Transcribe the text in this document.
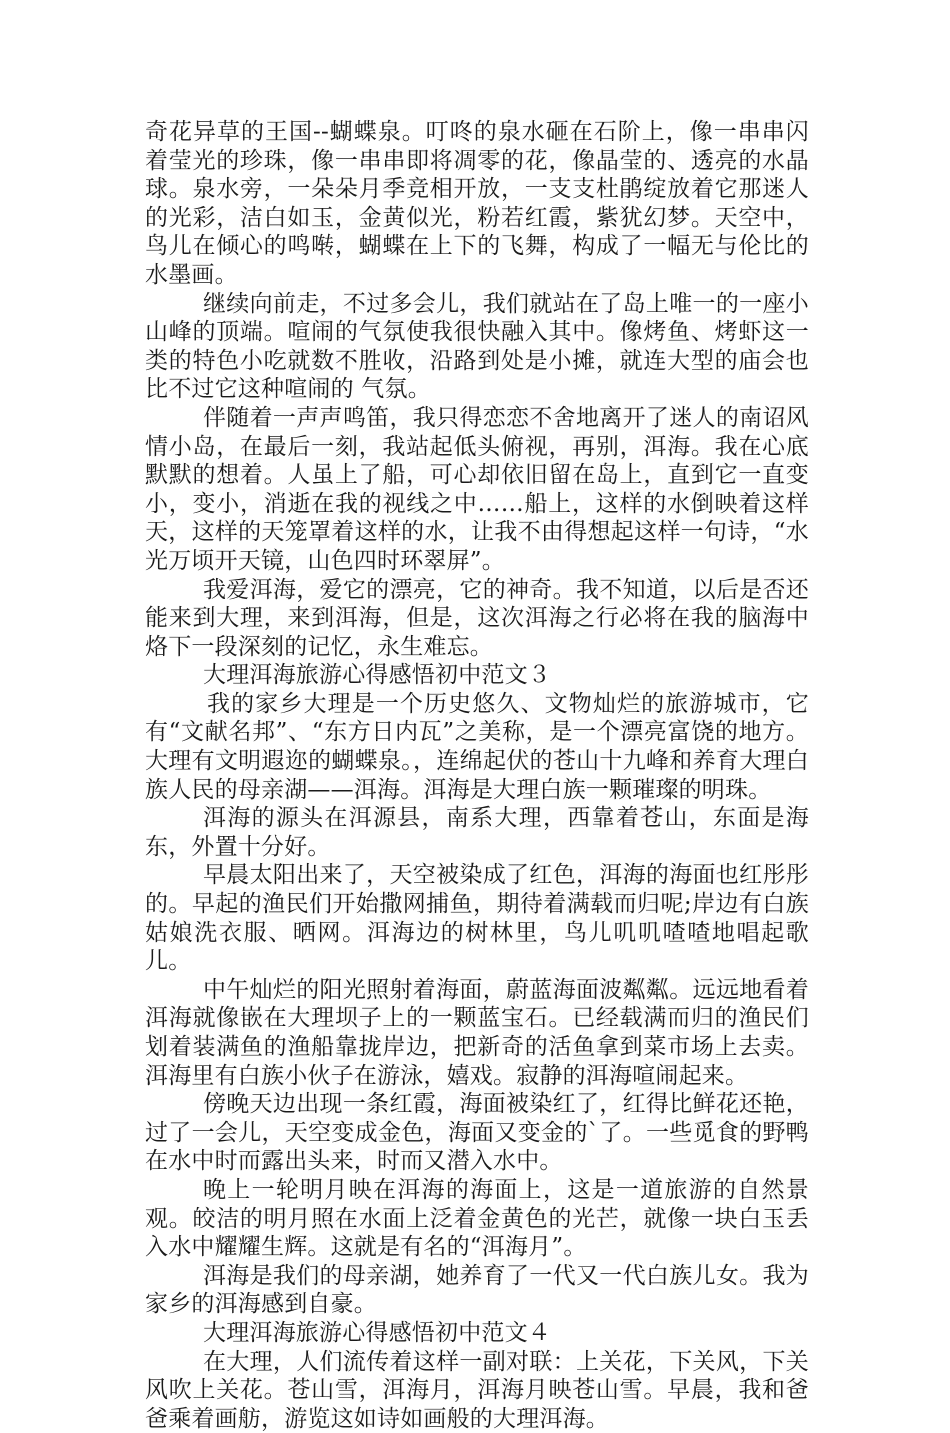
奇花异草的王国--蝴蝶泉。叮咚的泉水砸在石阶上，像一串串闪着莹光的珍珠，像一串串即将凋零的花，像晶莹的、透亮的水晶球。泉水旁，一朵朵月季竞相开放，一支支杜鹃绽放着它那迷人的光彩，洁白如玉，金黄似光，粉若红霞，紫犹幻梦。天空中，鸟儿在倾心的鸣啭，蝴蝶在上下的飞舞，构成了一幅无与伦比的水墨画。

继续向前走，不过多会儿，我们就站在了岛上唯一的一座小山峰的顶端。喧闹的气氛使我很快融入其中。像烤鱼、烤虾这一类的特色小吃就数不胜收，沿路到处是小摊，就连大型的庙会也比不过它这种喧闹的 气氛。

伴随着一声声鸣笛，我只得恋恋不舍地离开了迷人的南诏风情小岛，在最后一刻，我站起低头俯视，再别，洱海。我在心底默默的想着。人虽上了船，可心却依旧留在岛上，直到它一直变小，变小，消逝在我的视线之中……船上，这样的水倒映着这样天，这样的天笼罩着这样的水，让我不由得想起这样一句诗，“水光万顷开天镜，山色四时环翠屏”。

我爱洱海，爱它的漂亮，它的神奇。我不知道，以后是否还能来到大理，来到洱海，但是，这次洱海之行必将在我的脑海中烙下一段深刻的记忆，永生难忘。

大理洱海旅游心得感悟初中范文３

我的家乡大理是一个历史悠久、文物灿烂的旅游城市，它有“文献名邦”、“东方日内瓦”之美称，是一个漂亮富饶的地方。大理有文明遐迩的蝴蝶泉。，连绵起伏的苍山十九峰和养育大理白族人民的母亲湖——洱海。洱海是大理白族一颗璀璨的明珠。

洱海的源头在洱源县，南系大理，西靠着苍山，东面是海东，外置十分好。

早晨太阳出来了，天空被染成了红色，洱海的海面也红彤彤的。早起的渔民们开始撒网捕鱼，期待着满载而归呢;岸边有白族姑娘洗衣服、晒网。洱海边的树林里，鸟儿叽叽喳喳地唱起歌儿。

中午灿烂的阳光照射着海面，蔚蓝海面波粼粼。远远地看着洱海就像嵌在大理坝子上的一颗蓝宝石。已经载满而归的渔民们划着装满鱼的渔船靠拢岸边，把新奇的活鱼拿到菜市场上去卖。洱海里有白族小伙子在游泳，嬉戏。寂静的洱海喧闹起来。

傍晚天边出现一条红霞，海面被染红了，红得比鲜花还艳，过了一会儿，天空变成金色，海面又变金的`了。一些觅食的野鸭在水中时而露出头来，时而又潜入水中。

晚上一轮明月映在洱海的海面上，这是一道旅游的自然景观。皎洁的明月照在水面上泛着金黄色的光芒，就像一块白玉丢入水中耀耀生辉。这就是有名的“洱海月”。

洱海是我们的母亲湖，她养育了一代又一代白族儿女。我为家乡的洱海感到自豪。

大理洱海旅游心得感悟初中范文４

在大理，人们流传着这样一副对联：上关花，下关风，下关风吹上关花。苍山雪，洱海月，洱海月映苍山雪。早晨，我和爸爸乘着画舫，游览这如诗如画般的大理洱海。
